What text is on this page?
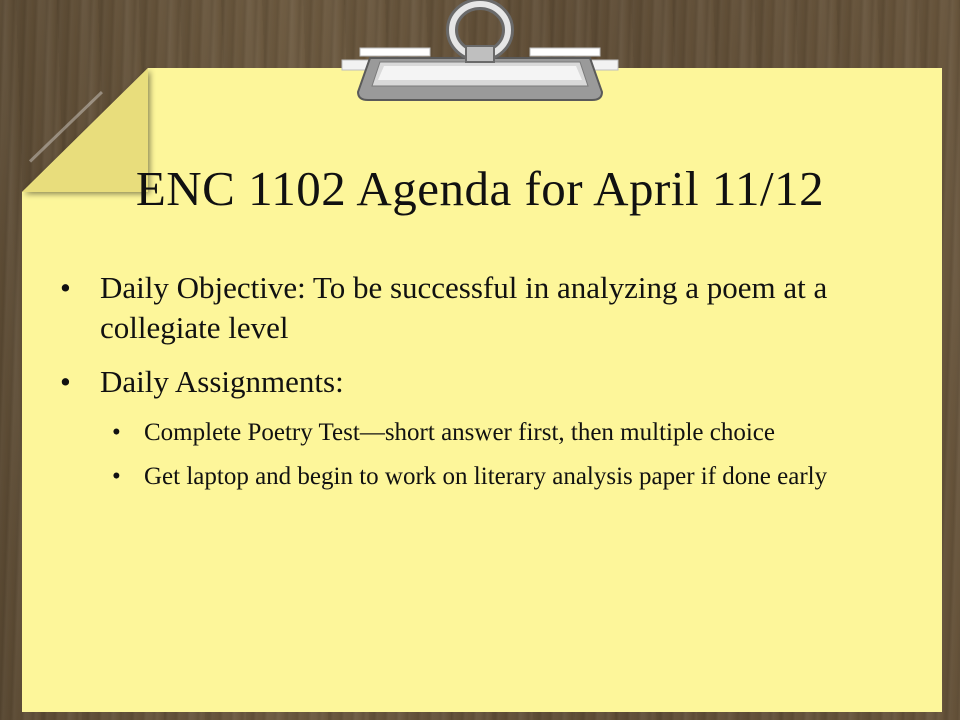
ENC 1102 Agenda for April 11/12
• Daily Objective: To be successful in analyzing a poem at a collegiate level
• Daily Assignments:
• Complete Poetry Test—short answer first, then multiple choice
• Get laptop and begin to work on literary analysis paper if done early
